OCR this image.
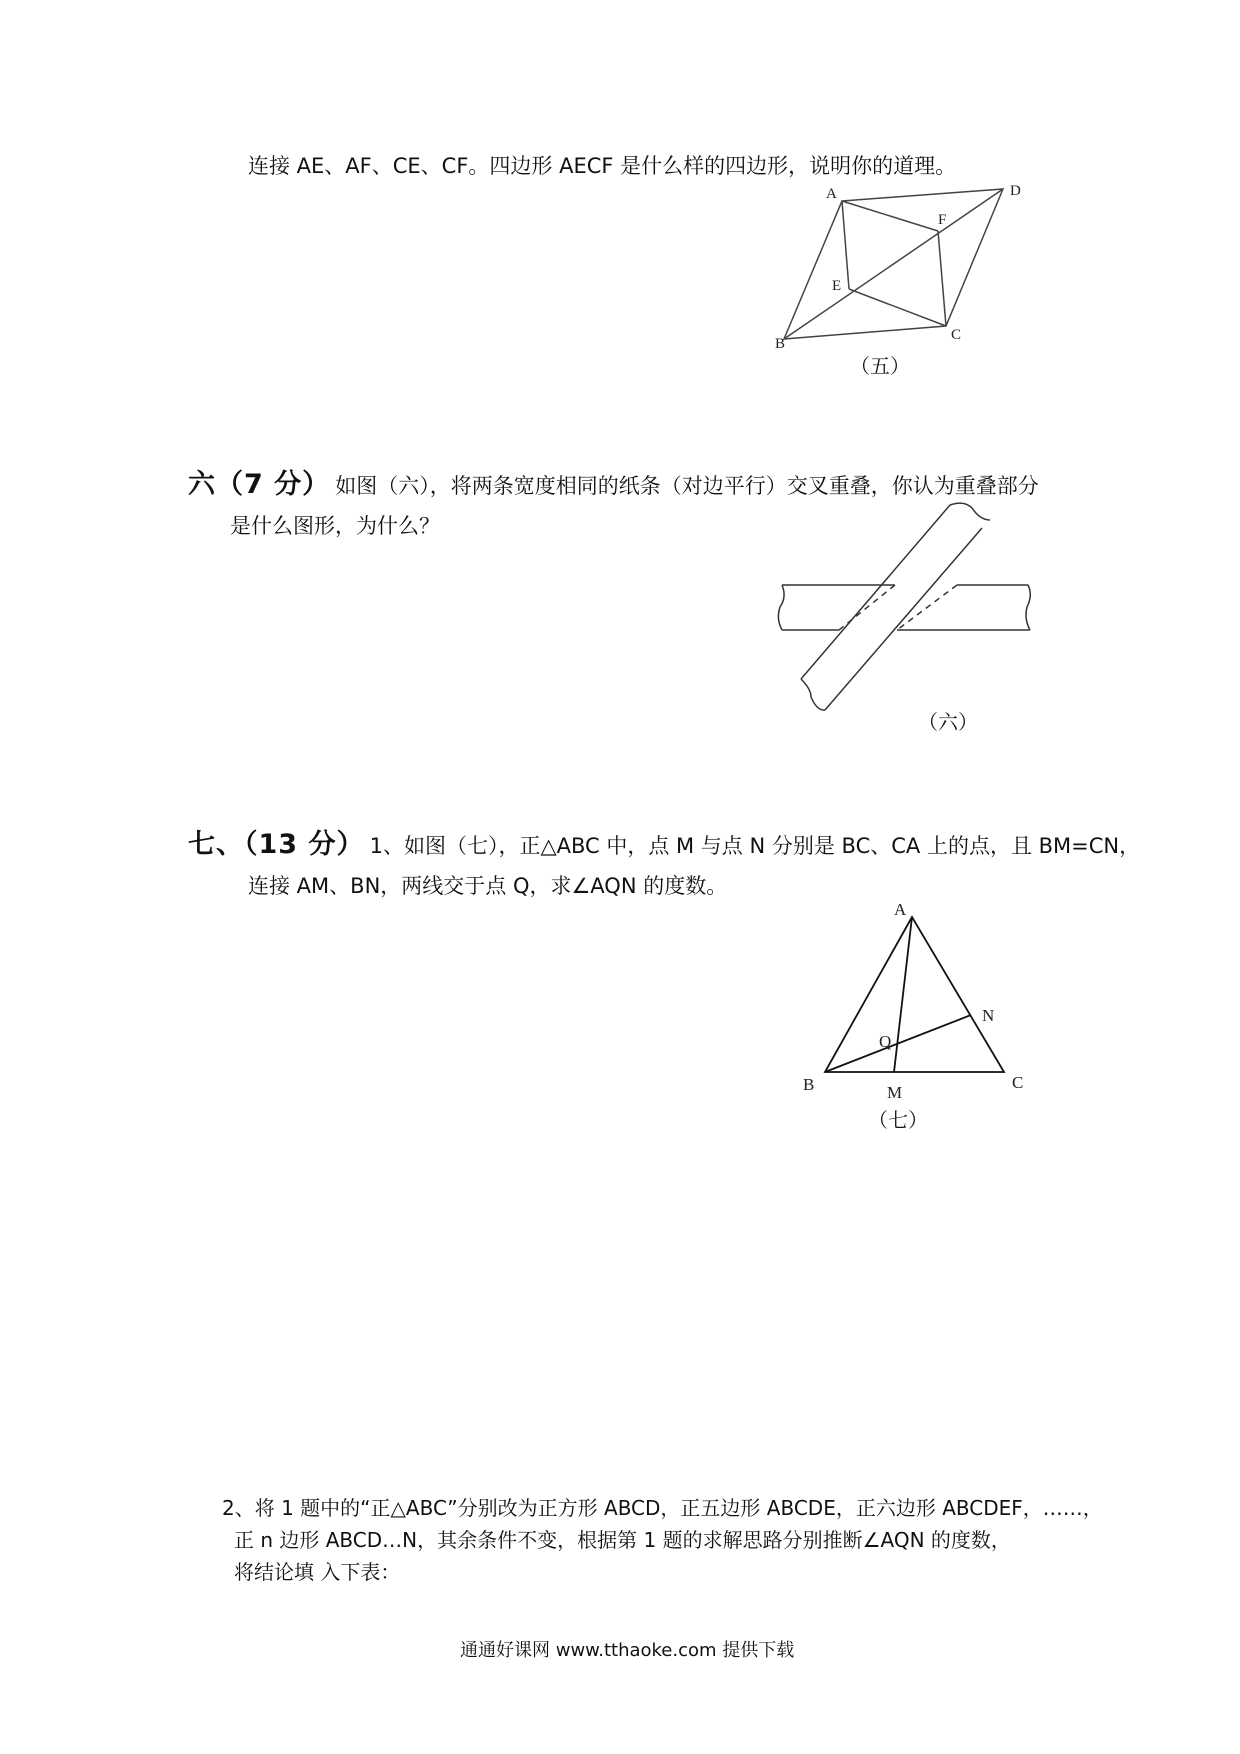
连接 AE、AF、CE、CF。四边形 AECF 是什么样的四边形，说明你的道理。
A
B
C
D
E
F
（五）
六（7 分） 如图（六），将两条宽度相同的纸条（对边平行）交叉重叠，你认为重叠部分
是什么图形，为什么？
（六）
七、（13 分） 1、如图（七），正△ABC 中，点 M 与点 N 分别是 BC、CA 上的点，且 BM=CN，
连接 AM、BN，两线交于点 Q，求∠AQN 的度数。
A
B	C
M
N
Q
（七）
2、将 1 题中的“正△ABC”分别改为正方形 ABCD，正五边形 ABCDE，正六边形 ABCDEF，……，
正 n 边形 ABCD…N，其余条件不变，根据第 1 题的求解思路分别推断∠AQN 的度数，
将结论填 入下表：
通通好课网 www.tthaoke.com 提供下载
